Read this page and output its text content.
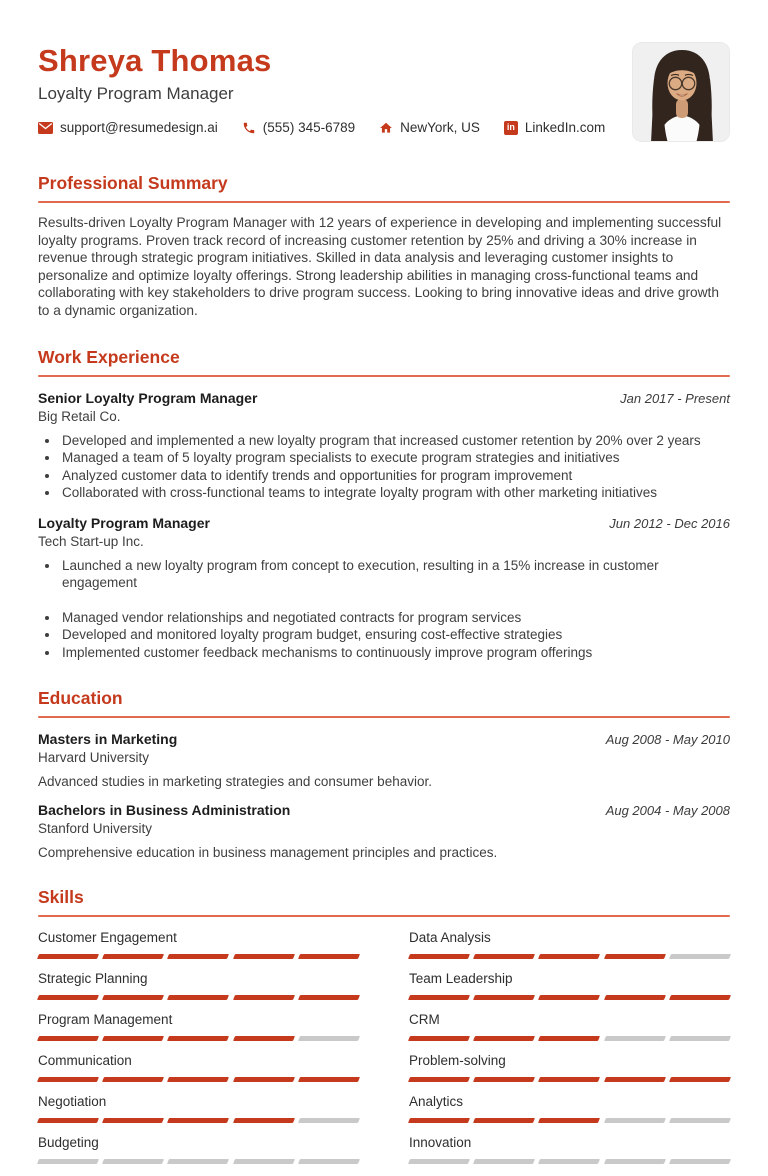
Shreya Thomas
Loyalty Program Manager
support@resumedesign.ai	(555) 345-6789	NewYork, US	in LinkedIn.com
Professional Summary
Results-driven Loyalty Program Manager with 12 years of experience in developing and implementing successful loyalty programs. Proven track record of increasing customer retention by 25% and driving a 30% increase in revenue through strategic program initiatives. Skilled in data analysis and leveraging customer insights to personalize and optimize loyalty offerings. Strong leadership abilities in managing cross-functional teams and collaborating with key stakeholders to drive program success. Looking to bring innovative ideas and drive growth to a dynamic organization.
Work Experience
Senior Loyalty Program Manager	Jan 2017 - Present
Big Retail Co.
• Developed and implemented a new loyalty program that increased customer retention by 20% over 2 years
• Managed a team of 5 loyalty program specialists to execute program strategies and initiatives
• Analyzed customer data to identify trends and opportunities for program improvement
• Collaborated with cross-functional teams to integrate loyalty program with other marketing initiatives
Loyalty Program Manager	Jun 2012 - Dec 2016
Tech Start-up Inc.
• Launched a new loyalty program from concept to execution, resulting in a 15% increase in customer engagement
• Managed vendor relationships and negotiated contracts for program services
• Developed and monitored loyalty program budget, ensuring cost-effective strategies
• Implemented customer feedback mechanisms to continuously improve program offerings
Education
Masters in Marketing	Aug 2008 - May 2010
Harvard University
Advanced studies in marketing strategies and consumer behavior.
Bachelors in Business Administration	Aug 2004 - May 2008
Stanford University
Comprehensive education in business management principles and practices.
Skills
Customer Engagement	Data Analysis
Strategic Planning	Team Leadership
Program Management	CRM
Communication	Problem-solving
Negotiation	Analytics
Budgeting	Innovation
